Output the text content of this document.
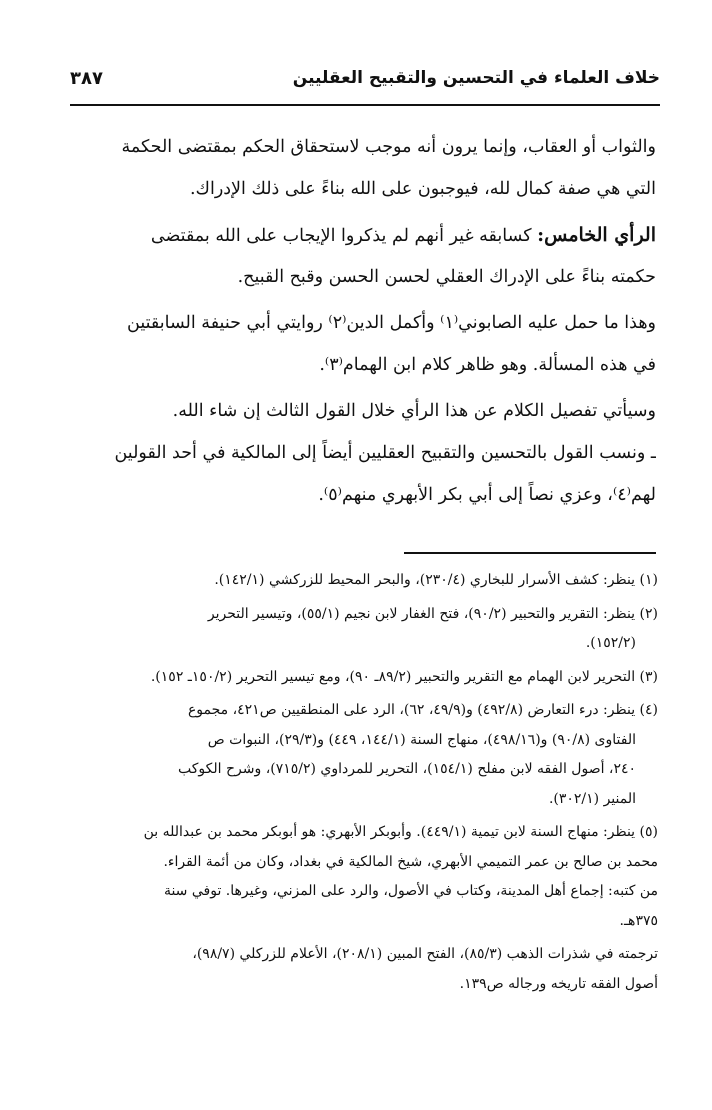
خلاف العلماء في التحسين والتقبيح العقليين
٣٨٧
والثواب أو العقاب، وإنما يرون أنه موجب لاستحقاق الحكم بمقتضى الحكمة
التي هي صفة كمال لله، فيوجبون على الله بناءً على ذلك الإدراك.
الرأي الخامس: كسابقه غير أنهم لم يذكروا الإيجاب على الله بمقتضى
حكمته بناءً على الإدراك العقلي لحسن الحسن وقبح القبيح.
وهذا ما حمل عليه الصابوني⁽١⁾ وأكمل الدين⁽٢⁾ روايتي أبي حنيفة السابقتين
في هذه المسألة. وهو ظاهر كلام ابن الهمام⁽٣⁾.
وسيأتي تفصيل الكلام عن هذا الرأي خلال القول الثالث إن شاء الله.
ـ ونسب القول بالتحسين والتقبيح العقليين أيضاً إلى المالكية في أحد القولين
لهم⁽٤⁾، وعزي نصاً إلى أبي بكر الأبهري منهم⁽٥⁾.
(١) ينظر: كشف الأسرار للبخاري (٢٣٠/٤)، والبحر المحيط للزركشي (١٤٢/١).
(٢) ينظر: التقرير والتحبير (٩٠/٢)، فتح الغفار لابن نجيم (٥٥/١)، وتيسير التحرير
(١٥٢/٢).
(٣) التحرير لابن الهمام مع التقرير والتحبير (٨٩/٢ـ ٩٠)، ومع تيسير التحرير (١٥٠/٢ـ ١٥٢).
(٤) ينظر: درء التعارض (٤٩٢/٨) و(٤٩/٩، ٦٢)، الرد على المنطقيين ص٤٢١، مجموع
الفتاوى (٩٠/٨) و(٤٩٨/١٦)، منهاج السنة (١٤٤/١، ٤٤٩) و(٢٩/٣)، النبوات ص
٢٤٠، أصول الفقه لابن مفلح (١٥٤/١)، التحرير للمرداوي (٧١٥/٢)، وشرح الكوكب
المنير (٣٠٢/١).
(٥) ينظر: منهاج السنة لابن تيمية (٤٤٩/١). وأبوبكر الأبهري: هو أبوبكر محمد بن عبدالله بن
محمد بن صالح بن عمر التميمي الأبهري، شيخ المالكية في بغداد، وكان من أئمة القراء.
من كتبه: إجماع أهل المدينة، وكتاب في الأصول، والرد على المزني، وغيرها. توفي سنة
٣٧٥هـ.
ترجمته في شذرات الذهب (٨٥/٣)، الفتح المبين (٢٠٨/١)، الأعلام للزركلي (٩٨/٧)،
أصول الفقه تاريخه ورجاله ص١٣٩.
